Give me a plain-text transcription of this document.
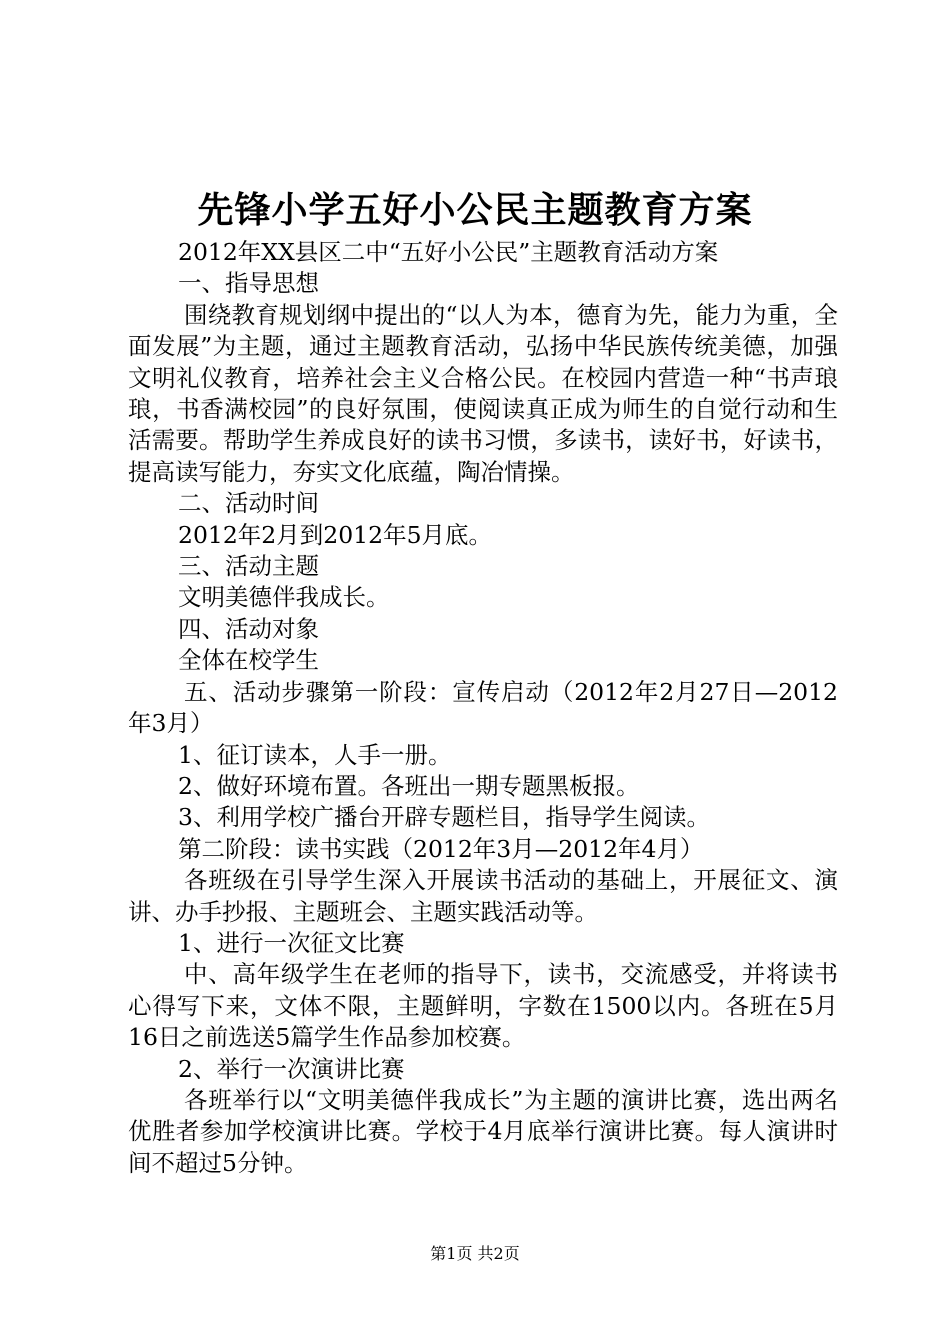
先锋小学五好小公民主题教育方案

2012年XX县区二中“五好小公民”主题教育活动方案

一、指导思想

围绕教育规划纲中提出的“以人为本，德育为先，能力为重，全面发展”为主题，通过主题教育活动，弘扬中华民族传统美德，加强文明礼仪教育，培养社会主义合格公民。在校园内营造一种“书声琅琅，书香满校园”的良好氛围，使阅读真正成为师生的自觉行动和生活需要。帮助学生养成良好的读书习惯，多读书，读好书，好读书，提高读写能力，夯实文化底蕴，陶冶情操。

二、活动时间

2012年2月到2012年5月底。

三、活动主题

文明美德伴我成长。

四、活动对象

全体在校学生

五、活动步骤第一阶段：宣传启动（2012年2月27日—2012年3月）

1、征订读本，人手一册。

2、做好环境布置。各班出一期专题黑板报。

3、利用学校广播台开辟专题栏目，指导学生阅读。

第二阶段：读书实践（2012年3月—2012年4月）

各班级在引导学生深入开展读书活动的基础上，开展征文、演讲、办手抄报、主题班会、主题实践活动等。

1、进行一次征文比赛

中、高年级学生在老师的指导下，读书，交流感受，并将读书心得写下来，文体不限，主题鲜明，字数在1500以内。各班在5月16日之前选送5篇学生作品参加校赛。

2、举行一次演讲比赛

各班举行以“文明美德伴我成长”为主题的演讲比赛，选出两名优胜者参加学校演讲比赛。学校于4月底举行演讲比赛。每人演讲时间不超过5分钟。

第1页 共2页
